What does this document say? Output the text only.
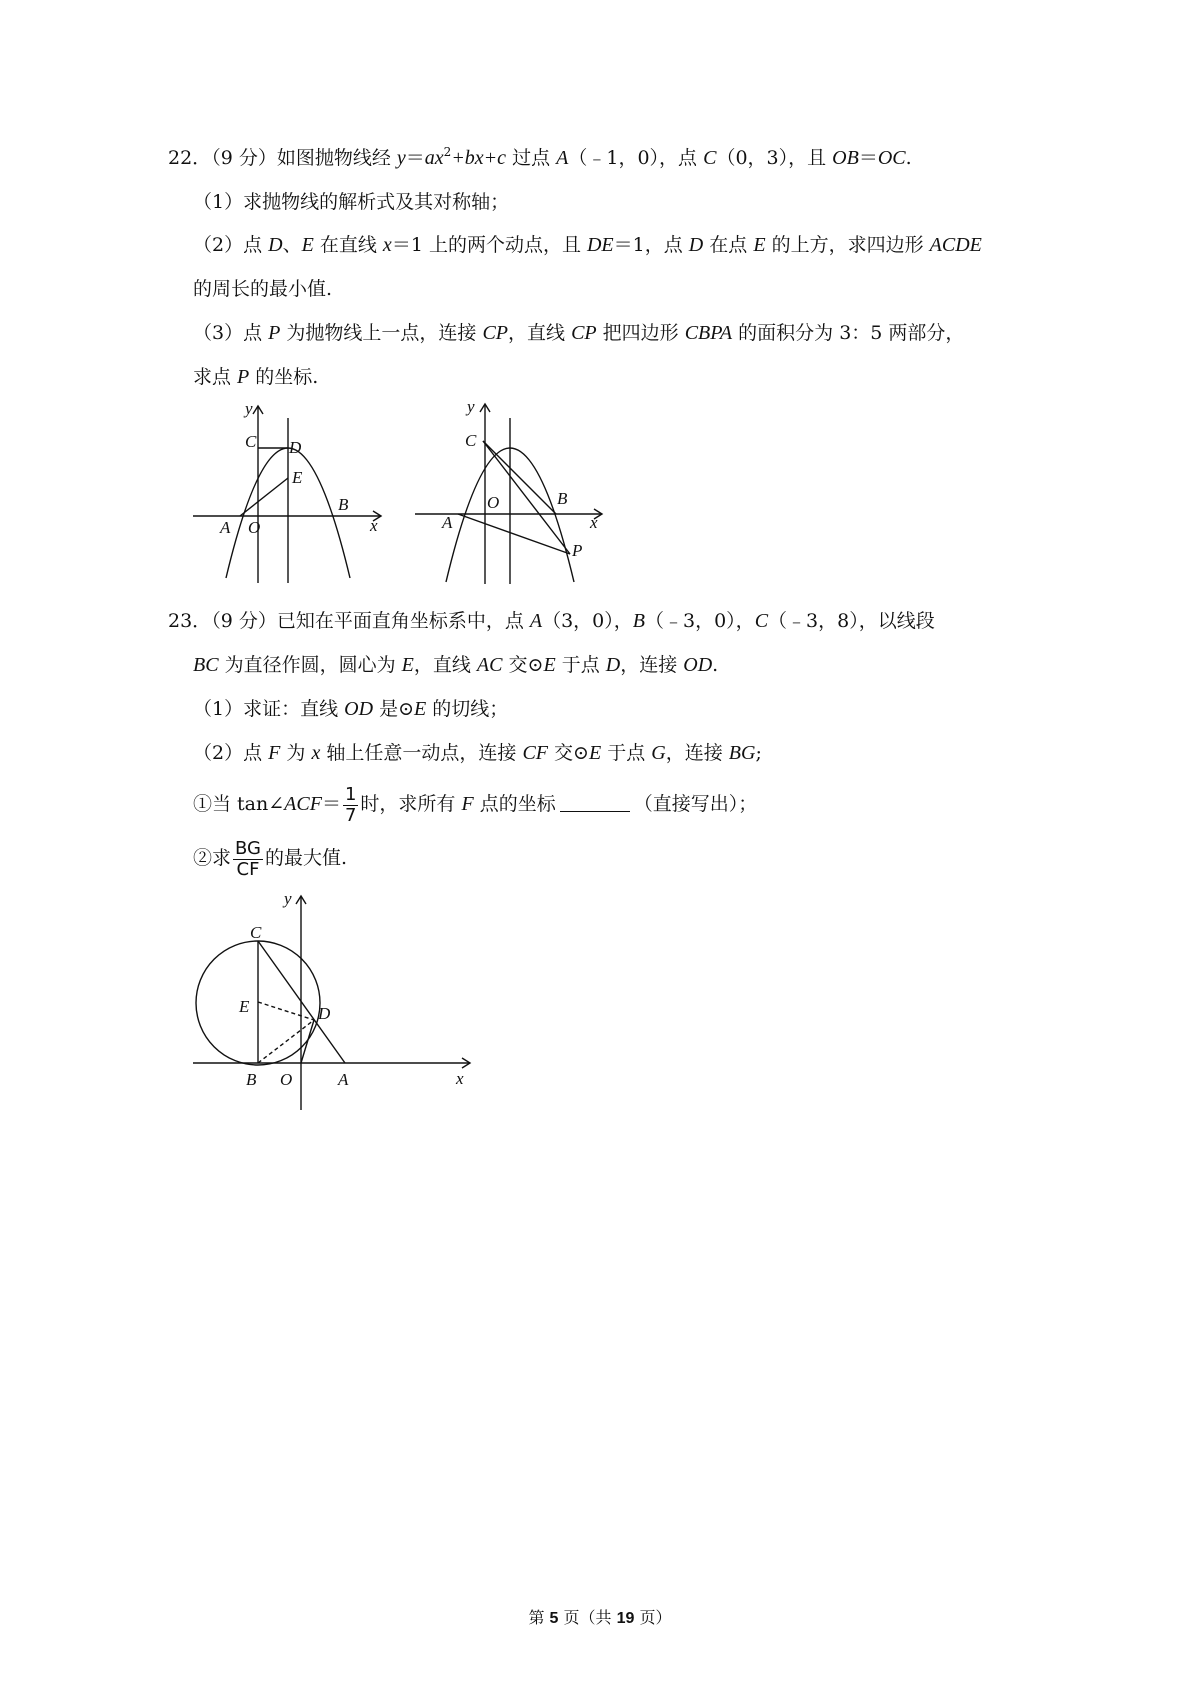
22．（9 分）如图抛物线经 $y=ax^2+bx+c$ 过点 A（﹣1，0），点 C（0，3），且 OB＝OC.
（1）求抛物线的解析式及其对称轴；
（2）点 D、E 在直线 x＝1 上的两个动点，且 DE＝1，点 D 在点 E 的上方，求四边形 ACDE
的周长的最小值.
（3）点 P 为抛物线上一点，连接 CP，直线 CP 把四边形 CBPA 的面积分为 3：5 两部分，
求点 P 的坐标.
y
x
C D
E
B
A O
y
x
C
B
A
O
P
23．（9 分）已知在平面直角坐标系中，点 A（3，0），B（﹣3，0），C（﹣3，8），以线段
BC 为直径作圆，圆心为 E，直线 AC 交⊙E 于点 D，连接 OD.
（1）求证：直线 OD 是⊙E 的切线；
（2）点 F 为 x 轴上任意一动点，连接 CF 交⊙E 于点 G，连接 BG;
①当 tan∠ACF＝ $\frac{1}{7}$ 时，求所有 F 点的坐标	（直接写出）；
②求 $\frac{BG}{CF}$ 的最大值.
y
x
C
E	D
B O	A
第 5 页（共 19 页）
